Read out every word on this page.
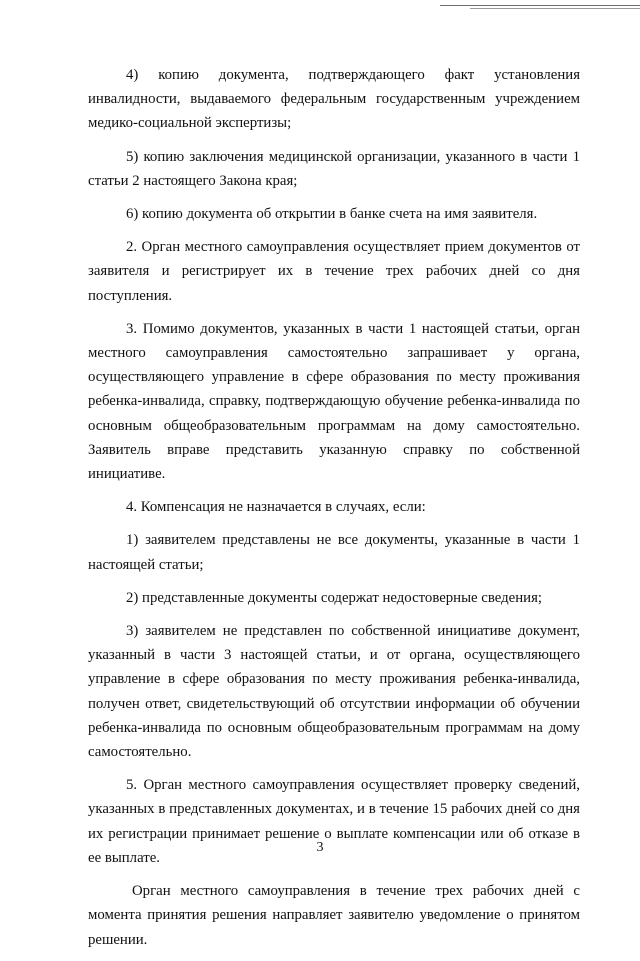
4) копию документа, подтверждающего факт установления инвалидности, выдаваемого федеральным государственным учреждением медико-социальной экспертизы;

5) копию заключения медицинской организации, указанного в части 1 статьи 2 настоящего Закона края;

6) копию документа об открытии в банке счета на имя заявителя.

2. Орган местного самоуправления осуществляет прием документов от заявителя и регистрирует их в течение трех рабочих дней со дня поступления.

3. Помимо документов, указанных в части 1 настоящей статьи, орган местного самоуправления самостоятельно запрашивает у органа, осуществляющего управление в сфере образования по месту проживания ребенка-инвалида, справку, подтверждающую обучение ребенка-инвалида по основным общеобразовательным программам на дому самостоятельно. Заявитель вправе представить указанную справку по собственной инициативе.

4. Компенсация не назначается в случаях, если:

1) заявителем представлены не все документы, указанные в части 1 настоящей статьи;

2) представленные документы содержат недостоверные сведения;

3) заявителем не представлен по собственной инициативе документ, указанный в части 3 настоящей статьи, и от органа, осуществляющего управление в сфере образования по месту проживания ребенка-инвалида, получен ответ, свидетельствующий об отсутствии информации об обучении ребенка-инвалида по основным общеобразовательным программам на дому самостоятельно.

5. Орган местного самоуправления осуществляет проверку сведений, указанных в представленных документах, и в течение 15 рабочих дней со дня их регистрации принимает решение о выплате компенсации или об отказе в ее выплате.

Орган местного самоуправления в течение трех рабочих дней с момента принятия решения направляет заявителю уведомление о принятом решении.

3
